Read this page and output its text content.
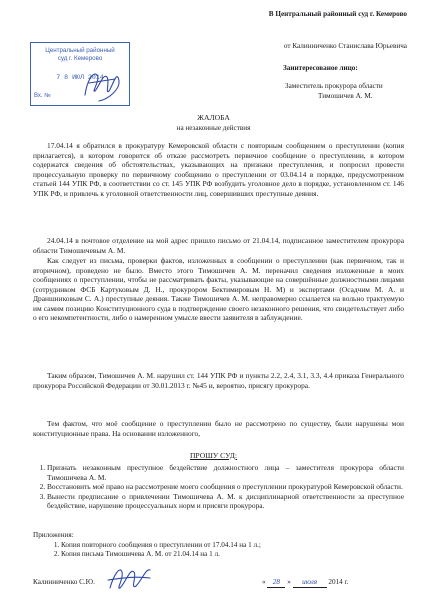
В Центральный районный суд г. Кемерово
от Калинниченко Станислава Юрьевича
Заинтересованое лицо:
Заместитель прокурора области
Тимошичев А. М.
Центральный районный
суд г. Кемерово
7 8 ИЮЛ 2014
Вх. №
ЖАЛОБА
на незаконные действия
17.04.14 я обратился в прокуратуру Кемеровской области с повторным сообщением о преступлении (копия прилагается), в котором говорится об отказе рассмотреть первичное сообщение о преступлении, в котором содержатся сведения об обстоятельствах, указывающих на признаки преступления, и попросил провести процессуальную проверку по первичному сообщению о преступлении от 03.04.14 в порядке, предусмотренном статьей 144 УПК РФ, в соответствии со ст. 145 УПК РФ возбудить уголовное дело в порядке, установленном ст. 146 УПК РФ, и привлечь к уголовной ответственности лиц, совершивших преступные деяния.
24.04.14 в почтовое отделение на мой адрес пришло письмо от 21.04.14, подписанное заместителем прокурора области Тимошичевым А. М.
Как следует из письма, проверки фактов, изложенных в сообщении о преступлении (как первичном, так и вторичном), проведено не было. Вместо этого Тимошичев А. М. переначил сведения изложенные в моих сообщениях о преступлении, чтобы не рассматривать факты, указывающие на совершённые должностными лицами (сотрудником ФСБ Картуковым Д. Н., прокурором Бектимировым Н. М) и экспертами (Осадчим М. А. и Драншниковым С. А.) преступные деяния. Также Тимошичев А. М. неправомерно ссылается на вольно трактуемую им самим позицию Конституционного суда в подтверждение своего незаконного решения, что свидетельствует либо о его некомпетентности, либо о намеренном умысле ввести заявителя в заблуждение.
Таким образом, Тимошичев А. М. нарушил ст. 144 УПК РФ и пункты 2.2, 2.4, 3.1, 3.3, 4.4 приказа Генерального прокурора Российской Федерации от 30.01.2013 г. №45 и, вероятно, присягу прокурора.
Тем фактом, что моё сообщение о преступлении было не рассмотрено по существу, были нарушены мои конституционные права. На основании изложенного,
ПРОШУ СУД:
1. Признать незаконным преступное бездействие должностного лица – заместителя прокурора области Тимошичева А. М.
2. Восстановить моё право на рассмотрение моего сообщения о преступлении прокуратурой Кемеровской области.
3. Вынести предписание о привлечении Тимошичева А. М. к дисциплинарной ответственности за преступное бездействие, нарушение процессуальных норм и присяги прокурора.
Приложения:
1. Копия повторного сообщения о преступлении от 17.04.14 на 1 л.;
2. Копия письма Тимошичева А. М. от 21.04.14 на 1 л.
Калинниченко С.Ю.	« 28 » июля 2014 г.
